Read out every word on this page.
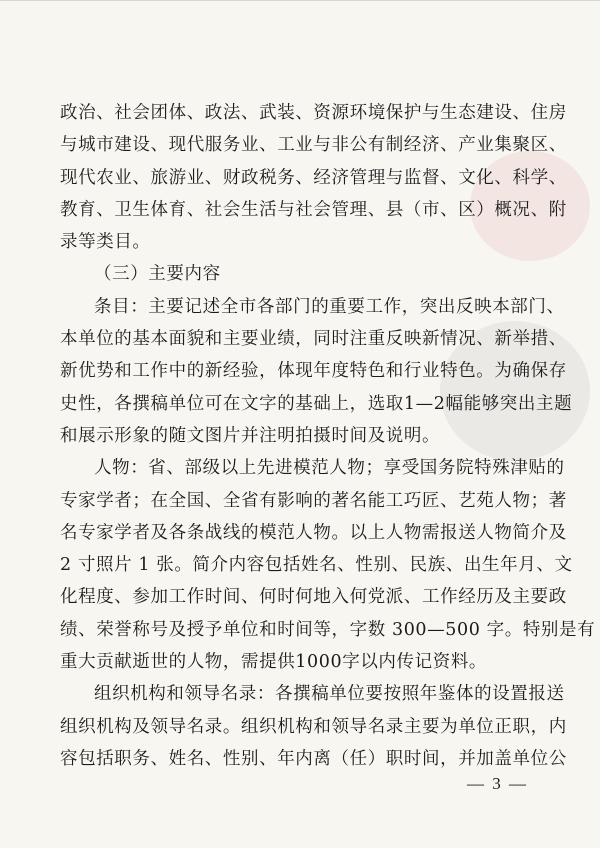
政治、社会团体、政法、武装、资源环境保护与生态建设、住房
与城市建设、现代服务业、工业与非公有制经济、产业集聚区、
现代农业、旅游业、财政税务、经济管理与监督、文化、科学、
教育、卫生体育、社会生活与社会管理、县（市、区）概况、附
录等类目。
（三）主要内容
条目：主要记述全市各部门的重要工作，突出反映本部门、
本单位的基本面貌和主要业绩，同时注重反映新情况、新举措、
新优势和工作中的新经验，体现年度特色和行业特色。为确保存
史性，各撰稿单位可在文字的基础上，选取1—2幅能够突出主题
和展示形象的随文图片并注明拍摄时间及说明。
人物：省、部级以上先进模范人物；享受国务院特殊津贴的
专家学者；在全国、全省有影响的著名能工巧匠、艺苑人物；著
名专家学者及各条战线的模范人物。以上人物需报送人物简介及
2 寸照片 1 张。简介内容包括姓名、性别、民族、出生年月、文
化程度、参加工作时间、何时何地入何党派、工作经历及主要政
绩、荣誉称号及授予单位和时间等，字数 300—500 字。特别是有
重大贡献逝世的人物，需提供1000字以内传记资料。
组织机构和领导名录：各撰稿单位要按照年鉴体的设置报送
组织机构及领导名录。组织机构和领导名录主要为单位正职，内
容包括职务、姓名、性别、年内离（任）职时间，并加盖单位公
— 3 —
